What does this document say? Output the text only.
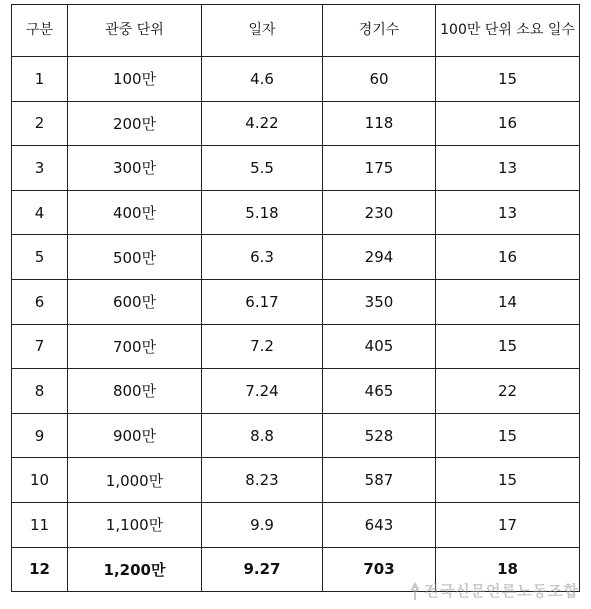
구분	관중 단위	일자	경기수	100만 단위 소요 일수
1	100만	4.6	60	15
2	200만	4.22	118	16
3	300만	5.5	175	13
4	400만	5.18	230	13
5	500만	6.3	294	16
6	600만	6.17	350	14
7	700만	7.2	405	15
8	800만	7.24	465	22
9	900만	8.8	528	15
10	1,000만	8.23	587	15
11	1,100만	9.9	643	17
12	1,200만	9.27	703	18
전국신문언론노동조합
